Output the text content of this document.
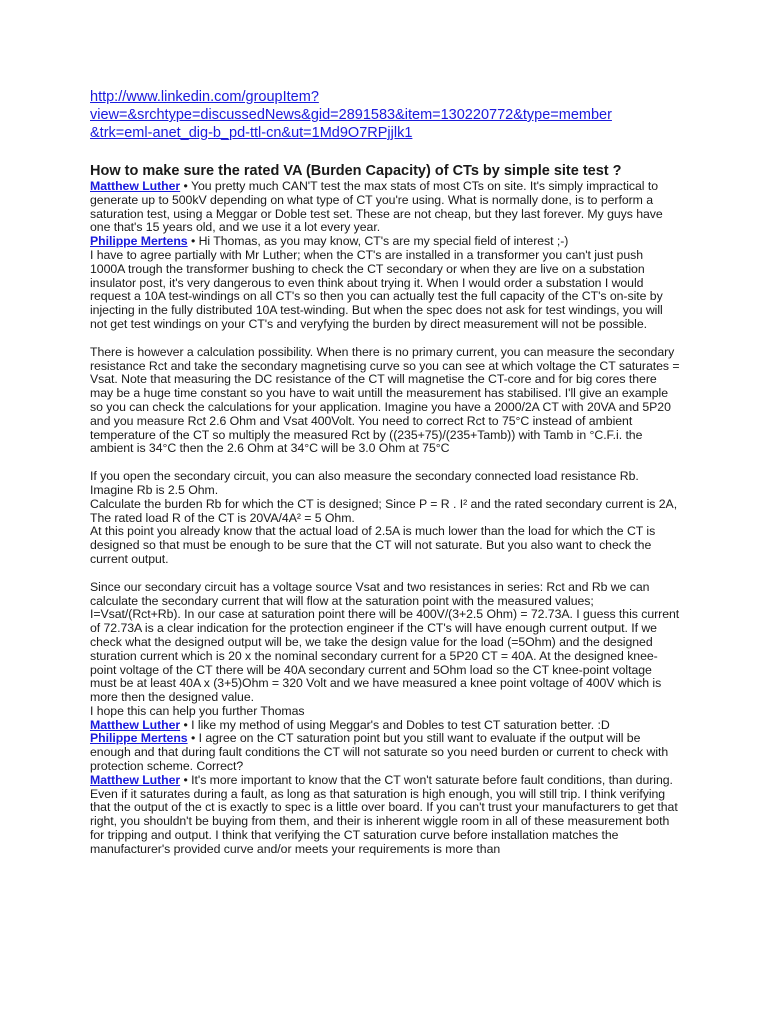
http://www.linkedin.com/groupItem?
view=&srchtype=discussedNews&gid=2891583&item=130220772&type=member
&trk=eml-anet_dig-b_pd-ttl-cn&ut=1Md9O7RPjjlk1
How to make sure the rated VA (Burden Capacity) of CTs by simple site test ?

Matthew Luther • You pretty much CAN'T test the max stats of most CTs on site. It's simply impractical to generate up to 500kV depending on what type of CT you're using. What is normally done, is to perform a saturation test, using a Meggar or Doble test set. These are not cheap, but they last forever. My guys have one that's 15 years old, and we use it a lot every year.

Philippe Mertens • Hi Thomas, as you may know, CT's are my special field of interest ;-)

I have to agree partially with Mr Luther; when the CT's are installed in a transformer you can't just push 1000A trough the transformer bushing to check the CT secondary or when they are live on a substation insulator post, it's very dangerous to even think about trying it. When I would order a substation I would request a 10A test-windings on all CT's so then you can actually test the full capacity of the CT's on-site by injecting in the fully distributed 10A test-winding. But when the spec does not ask for test windings, you will not get test windings on your CT's and veryfying the burden by direct measurement will not be possible.

There is however a calculation possibility. When there is no primary current, you can measure the secondary resistance Rct and take the secondary magnetising curve so you can see at which voltage the CT saturates = Vsat. Note that measuring the DC resistance of the CT will magnetise the CT-core and for big cores there may be a huge time constant so you have to wait untill the measurement has stabilised. I'll give an example so you can check the calculations for your application. Imagine you have a 2000/2A CT with 20VA and 5P20 and you measure Rct 2.6 Ohm and Vsat 400Volt. You need to correct Rct to 75°C instead of ambient temperature of the CT so multiply the measured Rct by ((235+75)/(235+Tamb)) with Tamb in °C.F.i. the ambient is 34°C then the 2.6 Ohm at 34°C will be 3.0 Ohm at 75°C

If you open the secondary circuit, you can also measure the secondary connected load resistance Rb. Imagine Rb is 2.5 Ohm.

Calculate the burden Rb for which the CT is designed; Since P = R . I² and the rated secondary current is 2A, The rated load R of the CT is 20VA/4A² = 5 Ohm.

At this point you already know that the actual load of 2.5A is much lower than the load for which the CT is designed so that must be enough to be sure that the CT will not saturate. But you also want to check the current output.

Since our secondary circuit has a voltage source Vsat and two resistances in series: Rct and Rb we can calculate the secondary current that will flow at the saturation point with the measured values; I=Vsat/(Rct+Rb). In our case at saturation point there will be 400V/(3+2.5 Ohm) = 72.73A. I guess this current of 72.73A is a clear indication for the protection engineer if the CT's will have enough current output. If we check what the designed output will be, we take the design value for the load (=5Ohm) and the designed sturation current which is 20 x the nominal secondary current for a 5P20 CT = 40A. At the designed knee-point voltage of the CT there will be 40A secondary current and 5Ohm load so the CT knee-point voltage must be at least 40A x (3+5)Ohm = 320 Volt and we have measured a knee point voltage of 400V which is more then the designed value.

I hope this can help you further Thomas

Matthew Luther • I like my method of using Meggar's and Dobles to test CT saturation better. :D

Philippe Mertens • I agree on the CT saturation point but you still want to evaluate if the output will be enough and that during fault conditions the CT will not saturate so you need burden or current to check with protection scheme. Correct?

Matthew Luther • It's more important to know that the CT won't saturate before fault conditions, than during. Even if it saturates during a fault, as long as that saturation is high enough, you will still trip. I think verifying that the output of the ct is exactly to spec is a little over board. If you can't trust your manufacturers to get that right, you shouldn't be buying from them, and their is inherent wiggle room in all of these measurement both for tripping and output. I think that verifying the CT saturation curve before installation matches the manufacturer's provided curve and/or meets your requirements is more than
